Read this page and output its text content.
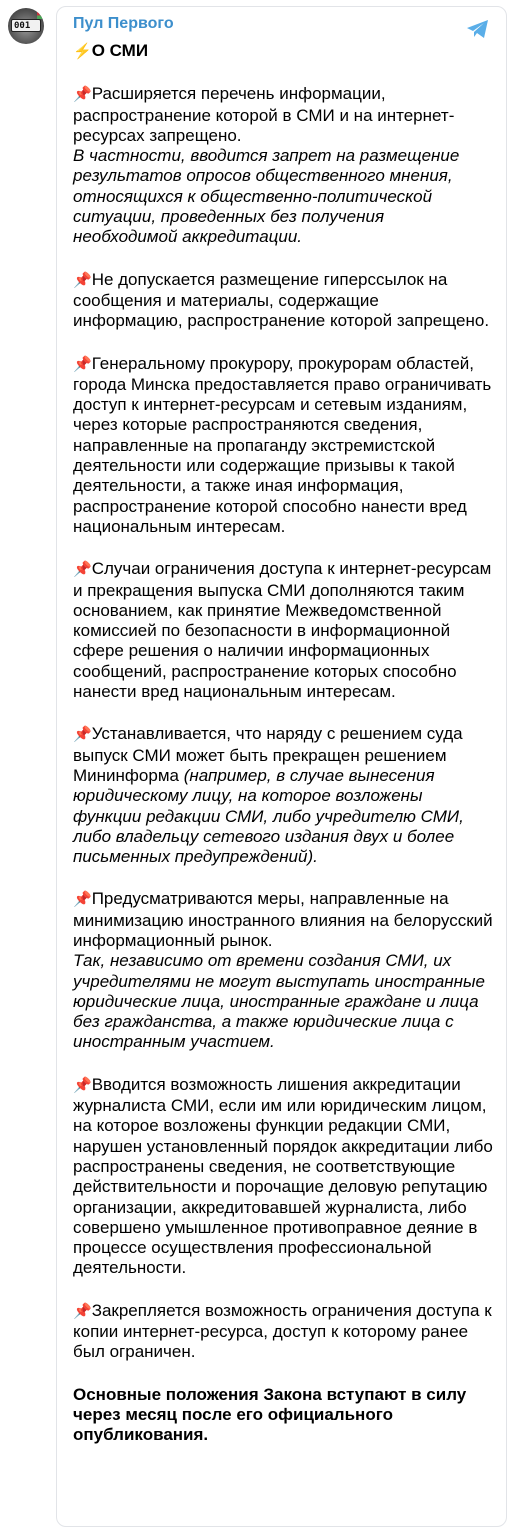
001	Пул Первого
⚡️О СМИ
📌Расширяется перечень информации, распространение которой в СМИ и на интернет-ресурсах запрещено.
В частности, вводится запрет на размещение результатов опросов общественного мнения, относящихся к общественно-политической ситуации, проведенных без получения необходимой аккредитации.
📌Не допускается размещение гиперссылок на сообщения и материалы, содержащие информацию, распространение которой запрещено.
📌Генеральному прокурору, прокурорам областей, города Минска предоставляется право ограничивать доступ к интернет-ресурсам и сетевым изданиям, через которые распространяются сведения, направленные на пропаганду экстремистской деятельности или содержащие призывы к такой деятельности, а также иная информация, распространение которой способно нанести вред национальным интересам.
📌Случаи ограничения доступа к интернет-ресурсам и прекращения выпуска СМИ дополняются таким основанием, как принятие Межведомственной комиссией по безопасности в информационной сфере решения о наличии информационных сообщений, распространение которых способно нанести вред национальным интересам.
📌Устанавливается, что наряду с решением суда выпуск СМИ может быть прекращен решением Мининформа (например, в случае вынесения юридическому лицу, на которое возложены функции редакции СМИ, либо учредителю СМИ, либо владельцу сетевого издания двух и более письменных предупреждений).
📌Предусматриваются меры, направленные на минимизацию иностранного влияния на белорусский информационный рынок.
Так, независимо от времени создания СМИ, их учредителями не могут выступать иностранные юридические лица, иностранные граждане и лица без гражданства, а также юридические лица с иностранным участием.
📌Вводится возможность лишения аккредитации журналиста СМИ, если им или юридическим лицом, на которое возложены функции редакции СМИ, нарушен установленный порядок аккредитации либо распространены сведения, не соответствующие действительности и порочащие деловую репутацию организации, аккредитовавшей журналиста, либо совершено умышленное противоправное деяние в процессе осуществления профессиональной деятельности.
📌Закрепляется возможность ограничения доступа к копии интернет-ресурса, доступ к которому ранее был ограничен.
Основные положения Закона вступают в силу через месяц после его официального опубликования.
